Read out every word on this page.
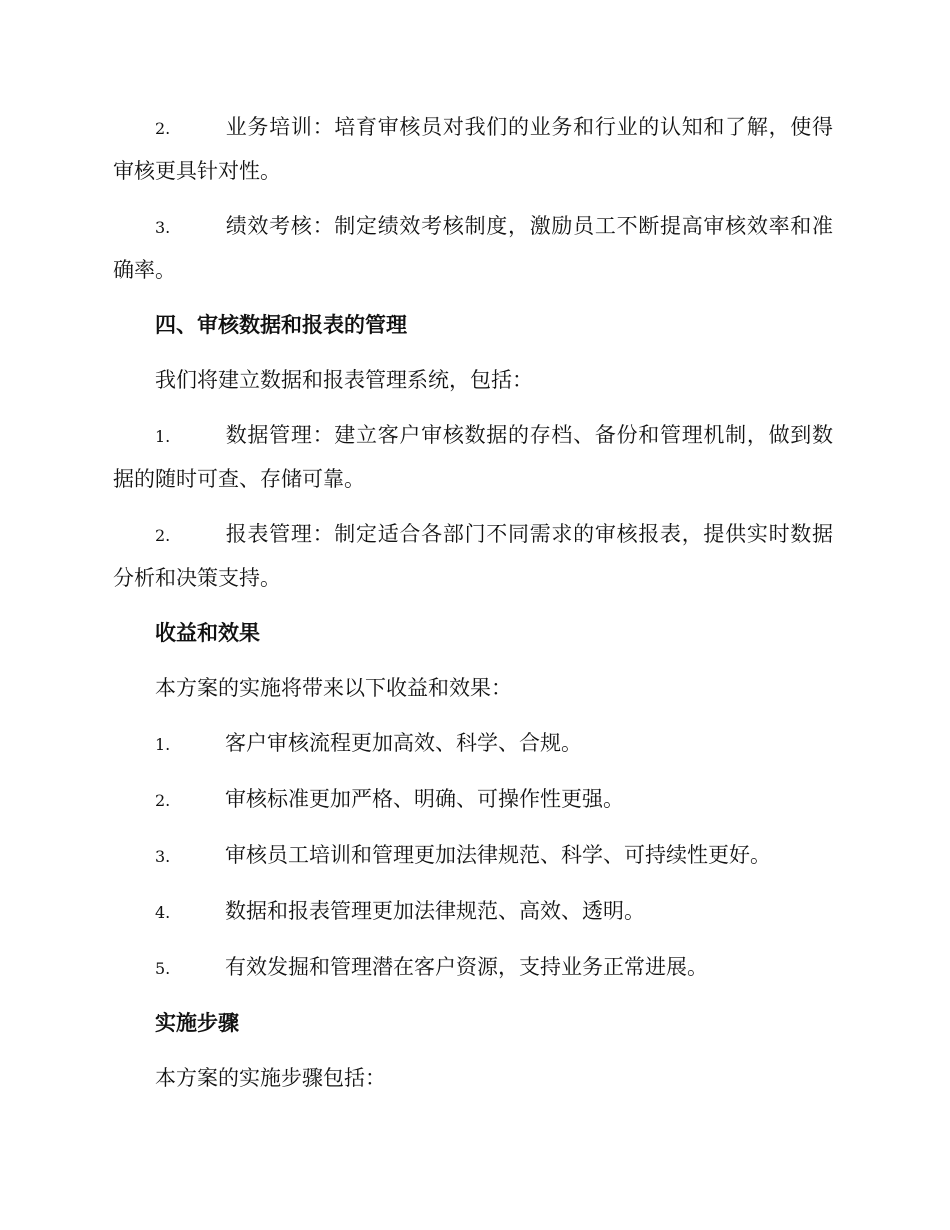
2.	业务培训：培育审核员对我们的业务和行业的认知和了解，使得审核更具针对性。

3.	绩效考核：制定绩效考核制度，激励员工不断提高审核效率和准确率。

四、审核数据和报表的管理

我们将建立数据和报表管理系统，包括：

1.	数据管理：建立客户审核数据的存档、备份和管理机制，做到数据的随时可查、存储可靠。

2.	报表管理：制定适合各部门不同需求的审核报表，提供实时数据分析和决策支持。

收益和效果

本方案的实施将带来以下收益和效果：

1.	客户审核流程更加高效、科学、合规。

2.	审核标准更加严格、明确、可操作性更强。

3.	审核员工培训和管理更加法律规范、科学、可持续性更好。

4.	数据和报表管理更加法律规范、高效、透明。

5.	有效发掘和管理潜在客户资源，支持业务正常进展。

实施步骤

本方案的实施步骤包括：
